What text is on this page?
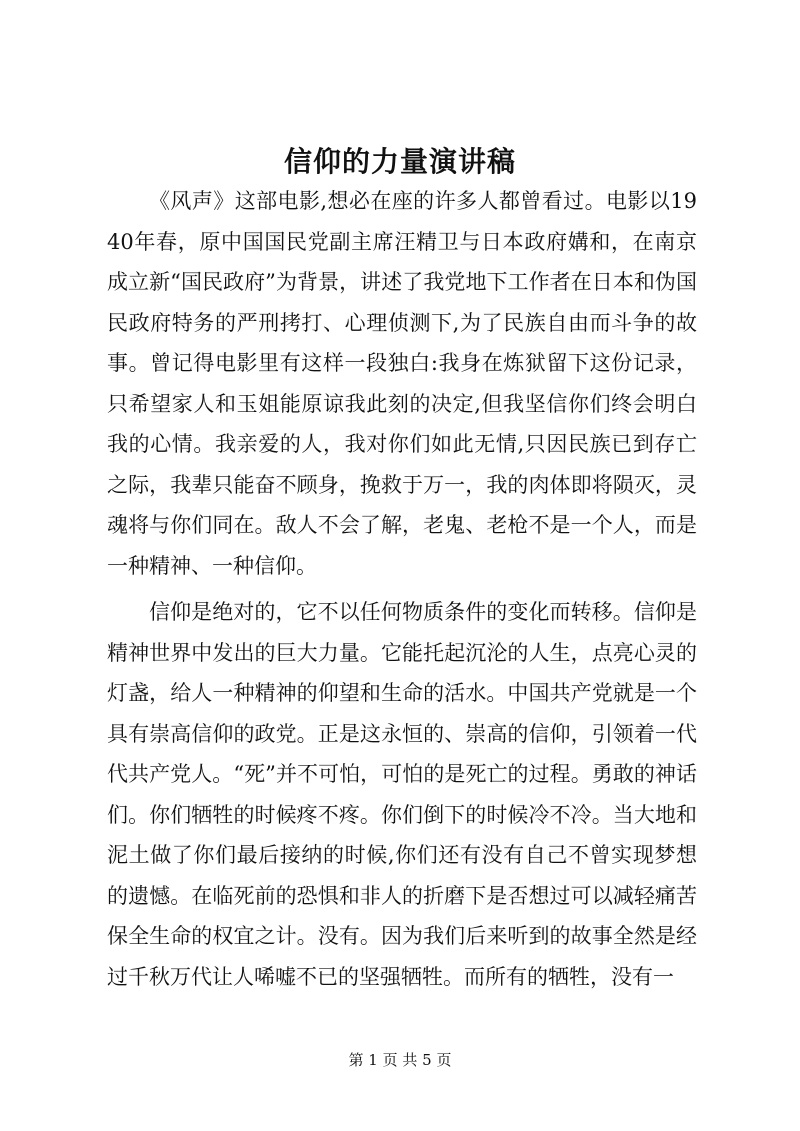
信仰的力量演讲稿

《风声》这部电影,想必在座的许多人都曾看过。电影以1940年春，原中国国民党副主席汪精卫与日本政府媾和，在南京成立新“国民政府”为背景，讲述了我党地下工作者在日本和伪国民政府特务的严刑拷打、心理侦测下,为了民族自由而斗争的故事。曾记得电影里有这样一段独白:我身在炼狱留下这份记录，只希望家人和玉姐能原谅我此刻的决定,但我坚信你们终会明白我的心情。我亲爱的人，我对你们如此无情,只因民族已到存亡之际，我辈只能奋不顾身，挽救于万一，我的肉体即将陨灭，灵魂将与你们同在。敌人不会了解，老鬼、老枪不是一个人，而是一种精神、一种信仰。

信仰是绝对的，它不以任何物质条件的变化而转移。信仰是精神世界中发出的巨大力量。它能托起沉沦的人生，点亮心灵的灯盏，给人一种精神的仰望和生命的活水。中国共产党就是一个具有崇高信仰的政党。正是这永恒的、崇高的信仰，引领着一代代共产党人。“死”并不可怕，可怕的是死亡的过程。勇敢的神话们。你们牺牲的时候疼不疼。你们倒下的时候冷不冷。当大地和泥土做了你们最后接纳的时候,你们还有没有自己不曾实现梦想的遗憾。在临死前的恐惧和非人的折磨下是否想过可以减轻痛苦保全生命的权宜之计。没有。因为我们后来听到的故事全然是经过千秋万代让人唏嘘不已的坚强牺牲。而所有的牺牲，没有一

第 1 页 共 5 页
